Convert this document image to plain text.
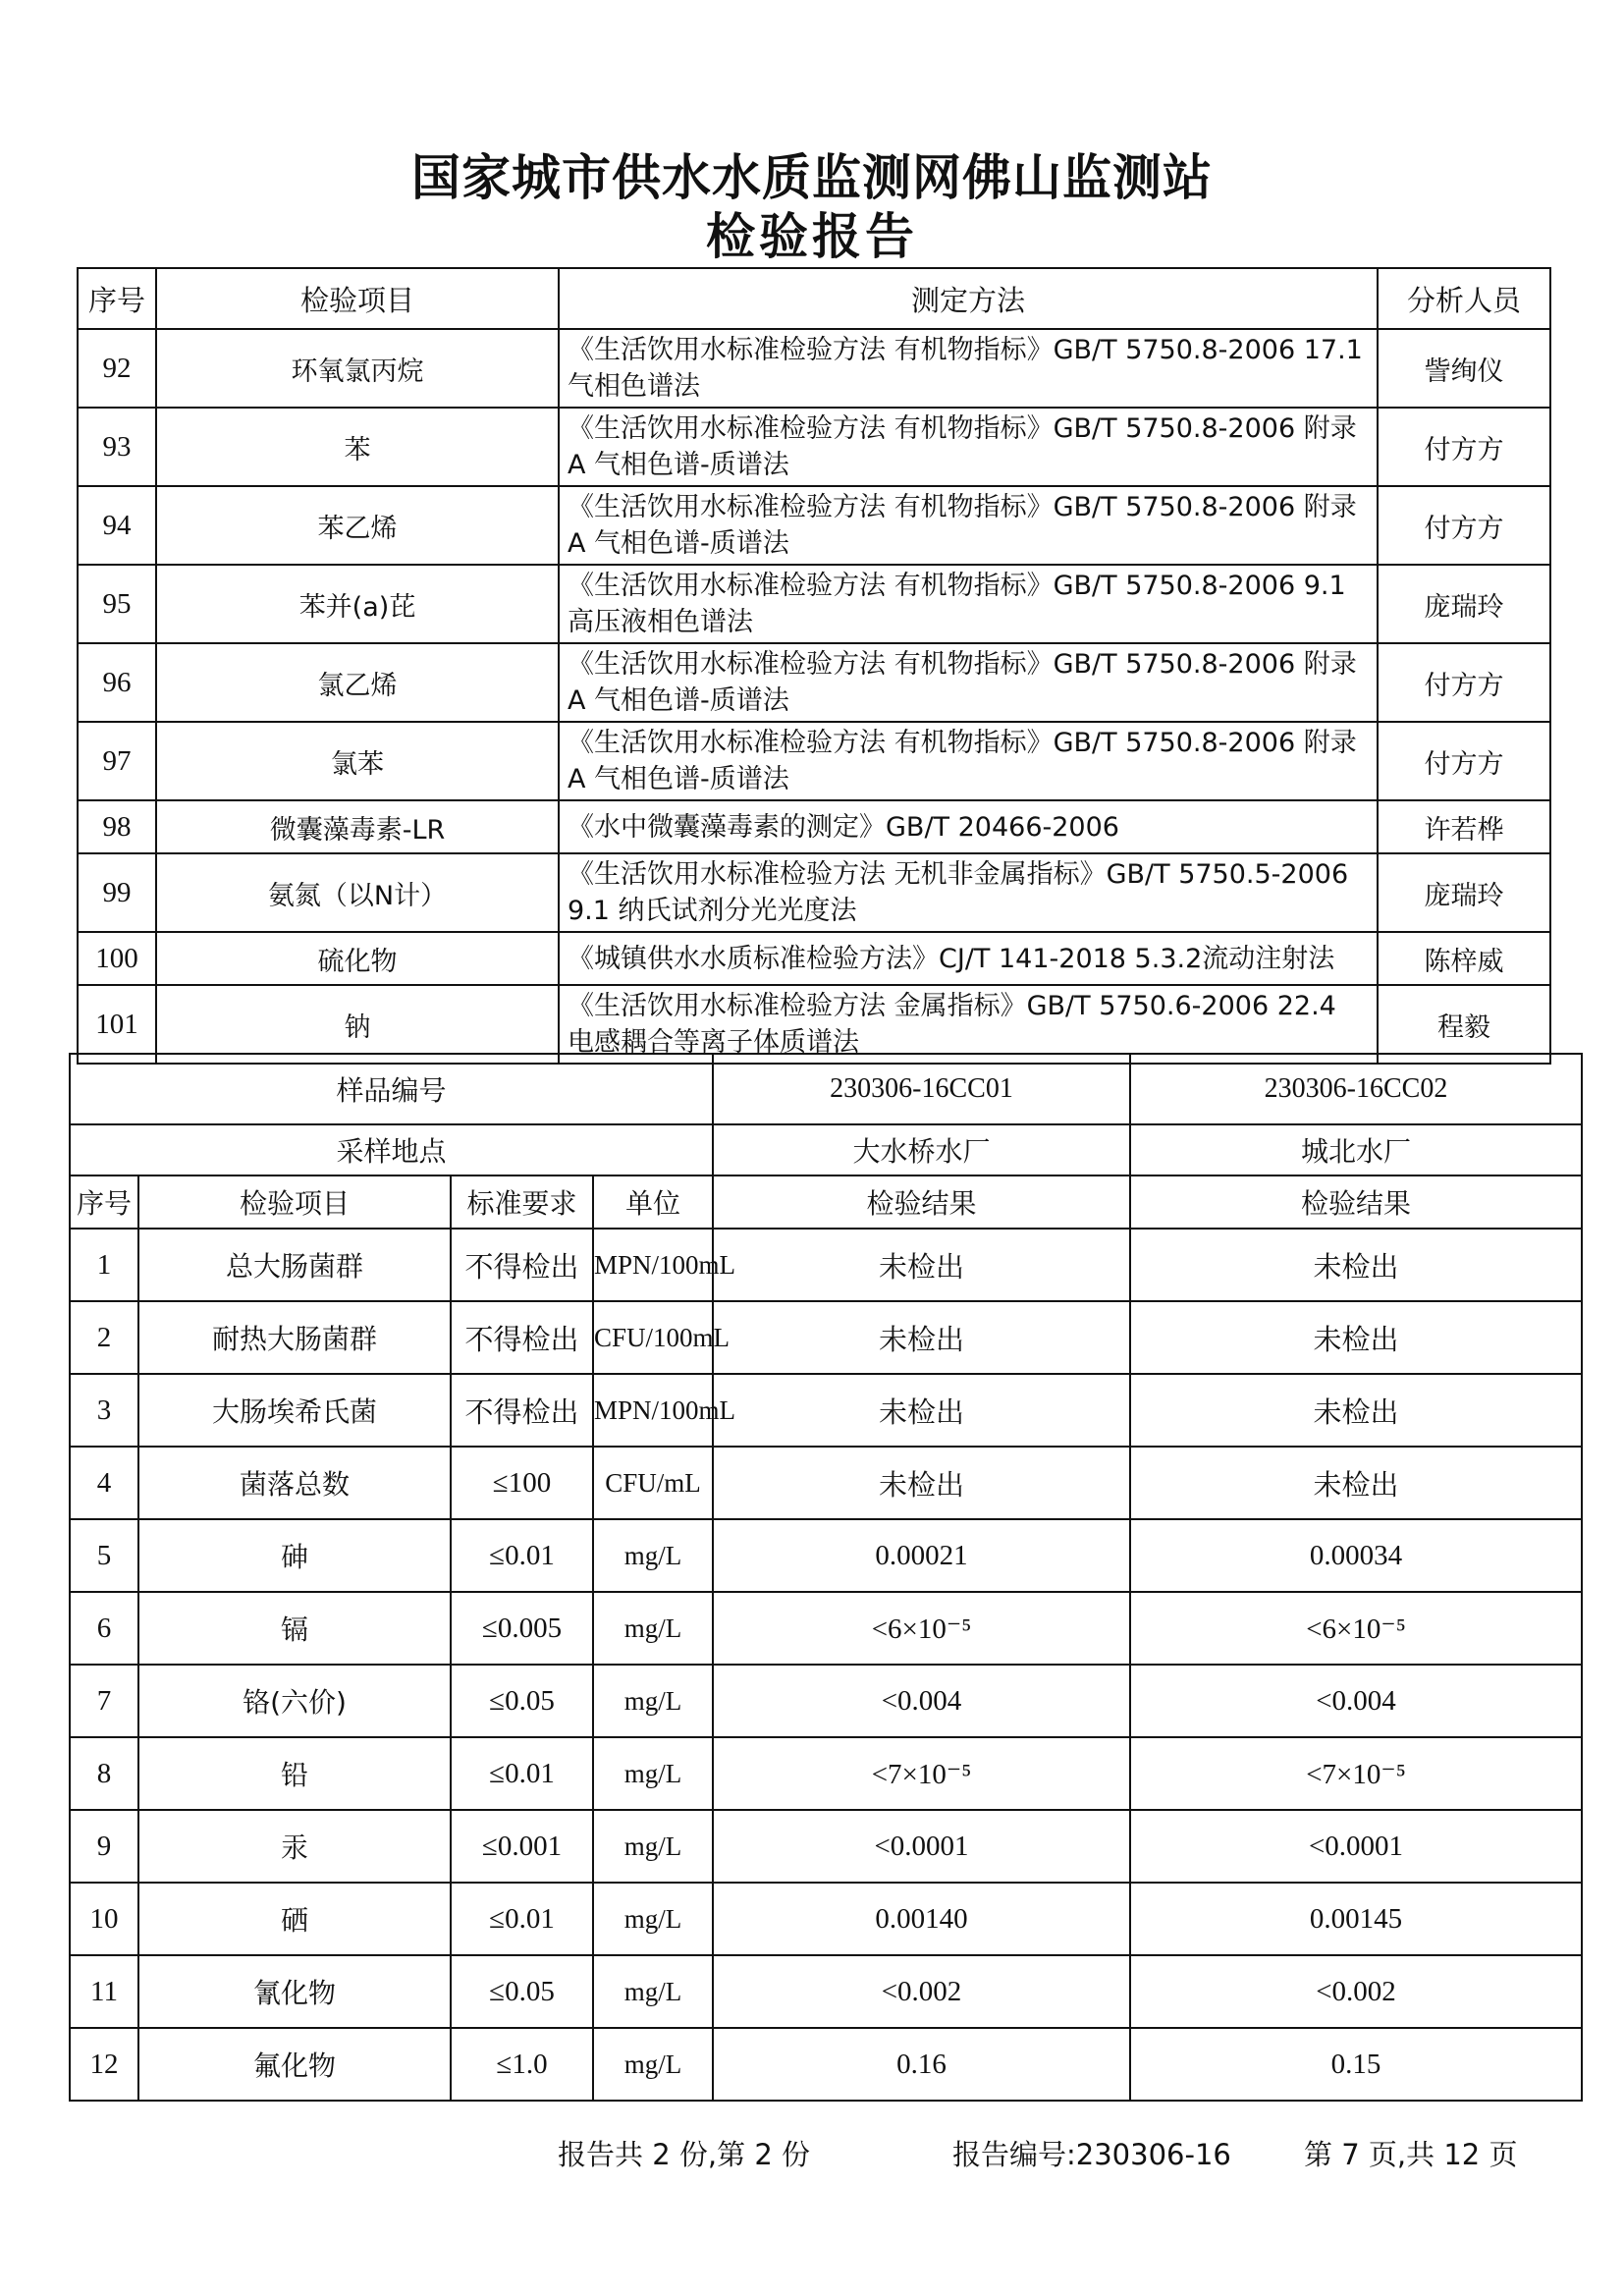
国家城市供水水质监测网佛山监测站
检验报告
序号	检验项目	测定方法	分析人员
92	环氧氯丙烷	《生活饮用水标准检验方法 有机物指标》GB/T 5750.8-2006 17.1 气相色谱法	訾绚仪
93	苯	《生活饮用水标准检验方法 有机物指标》GB/T 5750.8-2006 附录A 气相色谱-质谱法	付方方
94	苯乙烯	《生活饮用水标准检验方法 有机物指标》GB/T 5750.8-2006 附录A 气相色谱-质谱法	付方方
95	苯并(a)芘	《生活饮用水标准检验方法 有机物指标》GB/T 5750.8-2006 9.1 高压液相色谱法	庞瑞玲
96	氯乙烯	《生活饮用水标准检验方法 有机物指标》GB/T 5750.8-2006 附录A 气相色谱-质谱法	付方方
97	氯苯	《生活饮用水标准检验方法 有机物指标》GB/T 5750.8-2006 附录A 气相色谱-质谱法	付方方
98	微囊藻毒素-LR	《水中微囊藻毒素的测定》GB/T 20466-2006	许若桦
99	氨氮（以N计）	《生活饮用水标准检验方法 无机非金属指标》GB/T 5750.5-2006 9.1 纳氏试剂分光光度法	庞瑞玲
100	硫化物	《城镇供水水质标准检验方法》CJ/T 141-2018 5.3.2流动注射法	陈梓威
101	钠	《生活饮用水标准检验方法 金属指标》GB/T 5750.6-2006 22.4 电感耦合等离子体质谱法	程毅
样品编号				230306-16CC01	230306-16CC02
采样地点				大水桥水厂	城北水厂
序号	检验项目	标准要求	单位	检验结果	检验结果
1	总大肠菌群	不得检出	MPN/100mL	未检出	未检出
2	耐热大肠菌群	不得检出	CFU/100mL	未检出	未检出
3	大肠埃希氏菌	不得检出	MPN/100mL	未检出	未检出
4	菌落总数	≤100	CFU/mL	未检出	未检出
5	砷	≤0.01	mg/L	0.00021	0.00034
6	镉	≤0.005	mg/L	<6×10⁻⁵	<6×10⁻⁵
7	铬(六价)	≤0.05	mg/L	<0.004	<0.004
8	铅	≤0.01	mg/L	<7×10⁻⁵	<7×10⁻⁵
9	汞	≤0.001	mg/L	<0.0001	<0.0001
10	硒	≤0.01	mg/L	0.00140	0.00145
11	氰化物	≤0.05	mg/L	<0.002	<0.002
12	氟化物	≤1.0	mg/L	0.16	0.15
报告共 2 份,第 2 份	报告编号:230306-16	第 7 页,共 12 页
